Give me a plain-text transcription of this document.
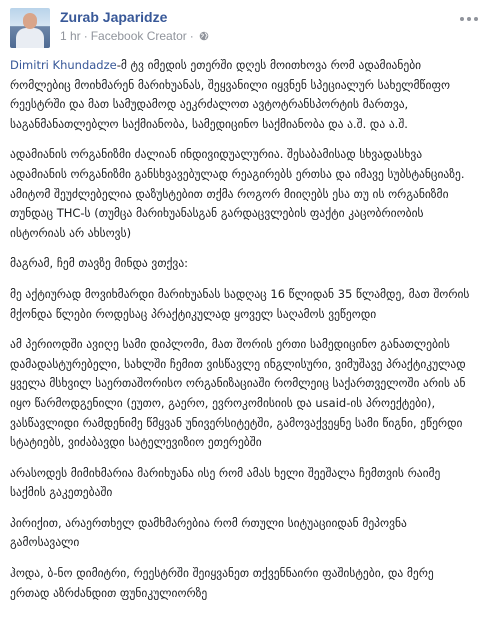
Zurab Japaridze
1 hr · Facebook Creator ·

Dimitri Khundadze-მ ტვ იმედის ეთერში დღეს მოითხოვა რომ ადამიანები რომლებიც მოიხმარენ მარიხუანას, შეყვანილი იყვნენ სპეციალურ სახელმწიფო რეესტრში და მათ სამუდამოდ აეკრძალოთ ავტოტრანსპორტის მართვა, საგანმანათლებლო საქმიანობა, სამედიცინო საქმიანობა და ა.შ. და ა.შ.

ადამიანის ორგანიზმი ძალიან ინდივიდუალურია. შესაბამისად სხვადასხვა ადამიანის ორგანიზმი განსხვავებულად რეაგირებს ერთსა და იმავე სუბსტანციაზე. ამიტომ შეუძლებელია დაზუსტებით თქმა როგორ მიიღებს ესა თუ ის ორგანიზმი თუნდაც THC-ს (თუმცა მარიხუანასგან გარდაცვლების ფაქტი კაცობრიობის ისტორიას არ ახსოვს)

მაგრამ, ჩემ თავზე მინდა ვთქვა:

მე აქტიურად მოვიხმარდი მარიხუანას სადღაც 16 წლიდან 35 წლამდე, მათ შორის მქონდა წლები როდესაც პრაქტიკულად ყოველ საღამოს ვეწეოდი

ამ პერიოდში ავიღე სამი დიპლომი, მათ შორის ერთი სამედიცინო განათლების დამადასტურებელი, სახლში ჩემით ვისწავლე ინგლისური, ვიმუშავე პრაქტიკულად ყველა მსხვილ საერთაშორისო ორგანიზაციაში რომლეიც საქართველოში არის ან იყო წარმოდგენილი (ეუთო, გაერო, ევროკომისიის და usaid-ის პროექტები), ვასწავლიდი რამდენიმე წმყვან უნივერსიტეტში, გამოვაქვეყნე სამი წიგნი, ეწერდი სტატიებს, ვიძაბავდი სატელევიზიო ეთერებში

არასოდეს მიმიხმარია მარიხუანა ისე რომ ამას ხელი შეეშალა ჩემთვის რაიმე საქმის გაკეთებაში

პირიქით, არაერთხელ დამხმარებია რომ რთული სიტუაციიდან მეპოვნა გამოსავალი

ჰოდა, ბ-ნო დიმიტრი, რეესტრში შეიყვანეთ თქვენნაირი ფაშისტები, და მერე ერთად აზრძანდით ფუნიკულიორზე
